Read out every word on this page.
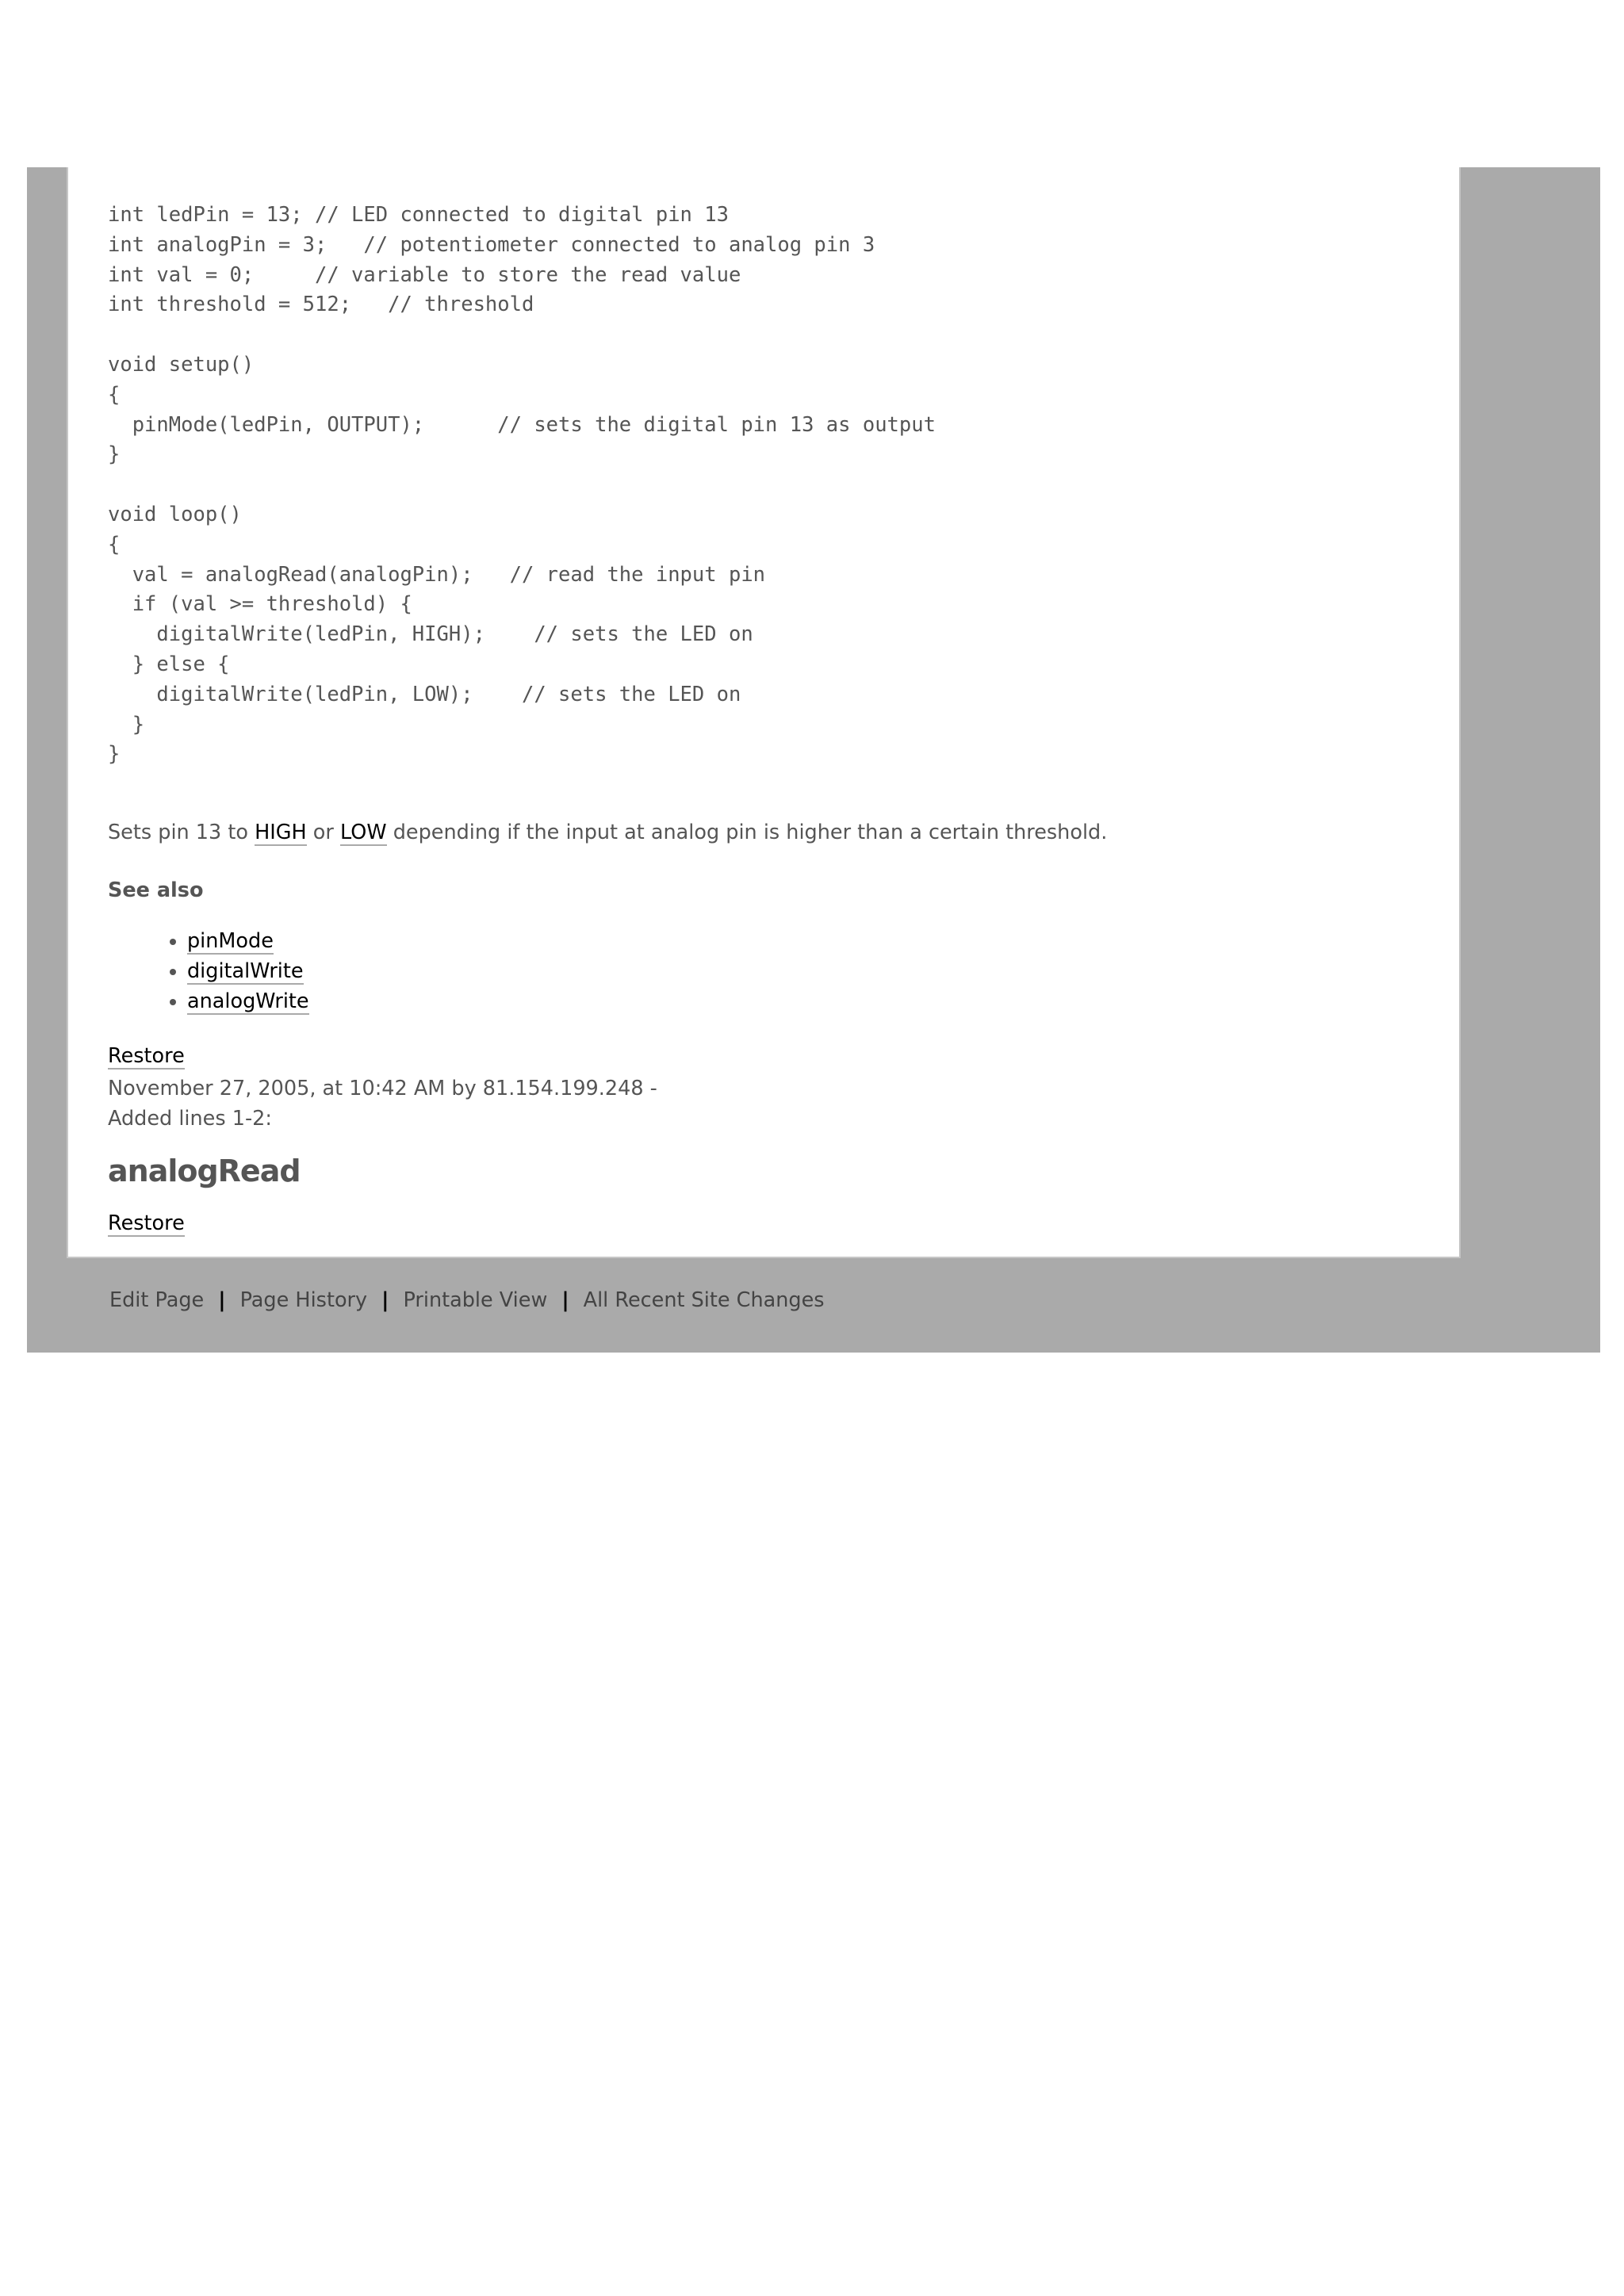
int ledPin = 13; // LED connected to digital pin 13
int analogPin = 3;   // potentiometer connected to analog pin 3
int val = 0;     // variable to store the read value
int threshold = 512;   // threshold
void setup()
{
pinMode(ledPin, OUTPUT);      // sets the digital pin 13 as output
}
void loop()
{
val = analogRead(analogPin);   // read the input pin
if (val >= threshold) {
digitalWrite(ledPin, HIGH);    // sets the LED on
} else {
digitalWrite(ledPin, LOW);    // sets the LED on
}
}

Sets pin 13 to HIGH or LOW depending if the input at analog pin is higher than a certain threshold.

See also

• pinMode
• digitalWrite
• analogWrite

Restore

November 27, 2005, at 10:42 AM by 81.154.199.248 -
Added lines 1-2:

analogRead

Restore

Edit Page | Page History | Printable View | All Recent Site Changes
